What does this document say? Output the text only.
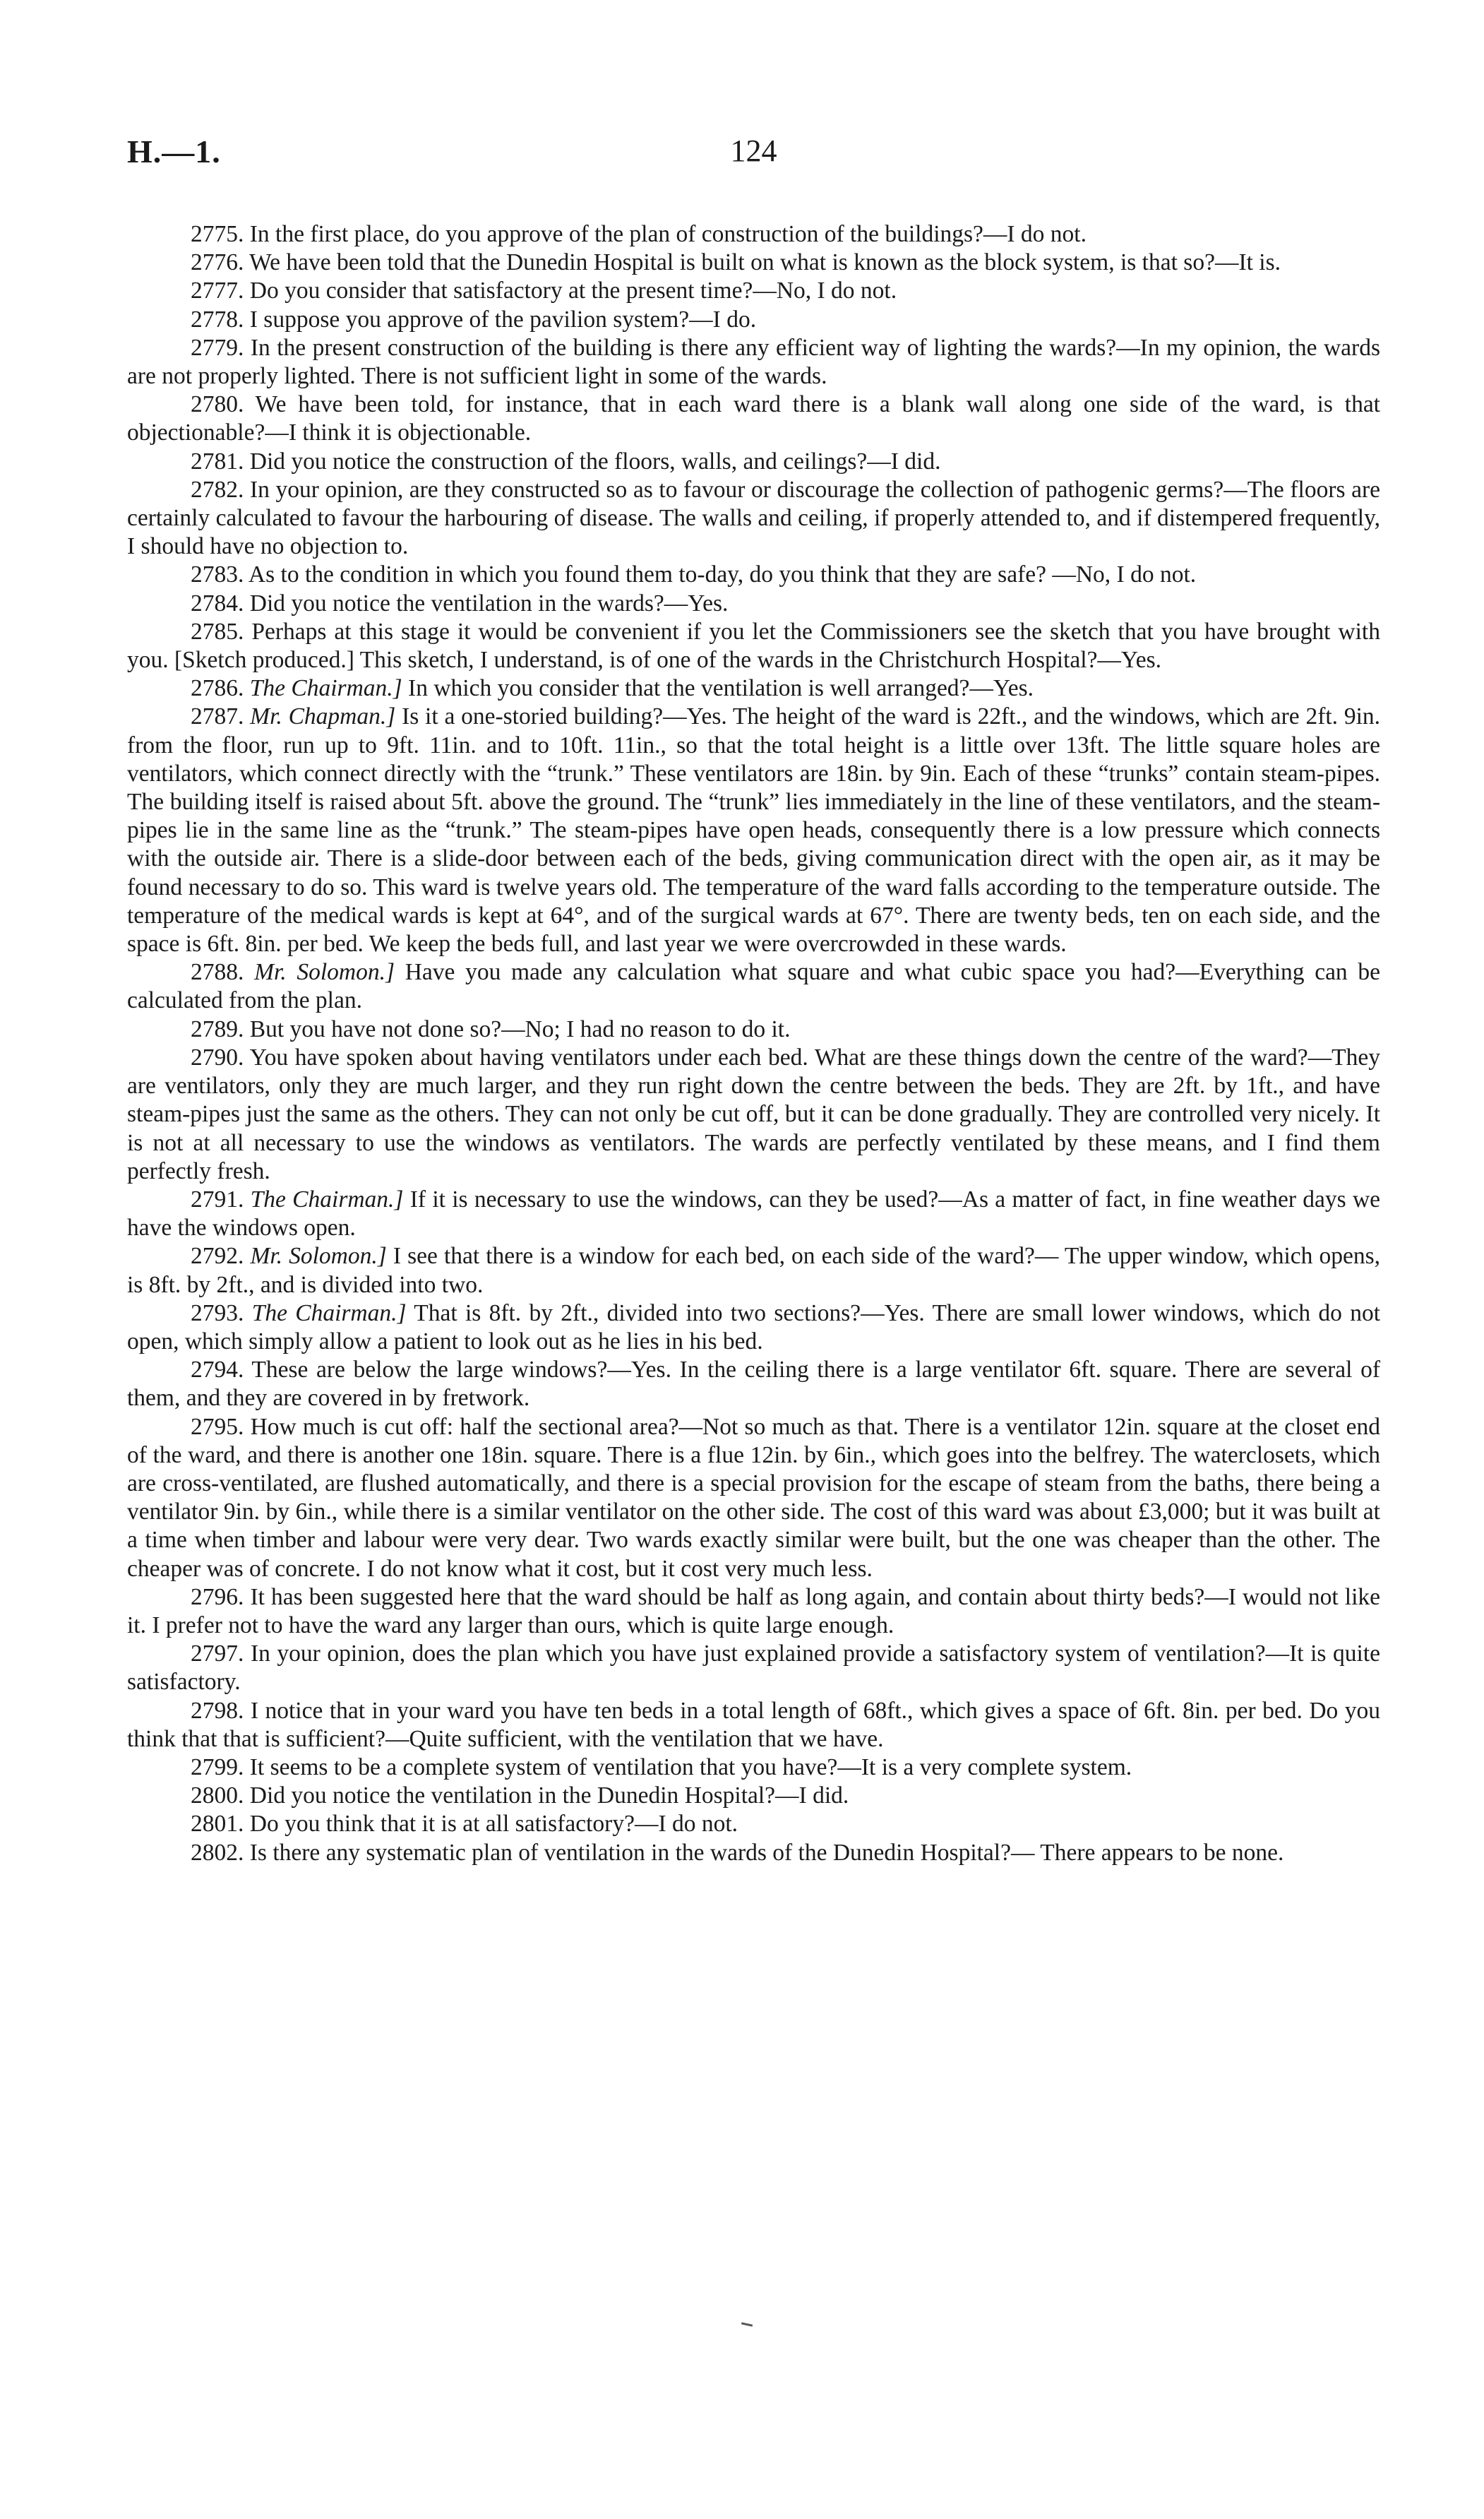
H.—1.	124

2775. In the first place, do you approve of the plan of construction of the buildings?—I do not.

2776. We have been told that the Dunedin Hospital is built on what is known as the block system, is that so?—It is.

2777. Do you consider that satisfactory at the present time?—No, I do not.

2778. I suppose you approve of the pavilion system?—I do.

2779. In the present construction of the building is there any efficient way of lighting the wards?—In my opinion, the wards are not properly lighted. There is not sufficient light in some of the wards.

2780. We have been told, for instance, that in each ward there is a blank wall along one side of the ward, is that objectionable?—I think it is objectionable.

2781. Did you notice the construction of the floors, walls, and ceilings?—I did.

2782. In your opinion, are they constructed so as to favour or discourage the collection of pathogenic germs?—The floors are certainly calculated to favour the harbouring of disease. The walls and ceiling, if properly attended to, and if distempered frequently, I should have no objection to.

2783. As to the condition in which you found them to-day, do you think that they are safe? —No, I do not.

2784. Did you notice the ventilation in the wards?—Yes.

2785. Perhaps at this stage it would be convenient if you let the Commissioners see the sketch that you have brought with you. [Sketch produced.] This sketch, I understand, is of one of the wards in the Christchurch Hospital?—Yes.

2786. The Chairman.] In which you consider that the ventilation is well arranged?—Yes.

2787. Mr. Chapman.] Is it a one-storied building?—Yes. The height of the ward is 22ft., and the windows, which are 2ft. 9in. from the floor, run up to 9ft. 11in. and to 10ft. 11in., so that the total height is a little over 13ft. The little square holes are ventilators, which connect directly with the “trunk.” These ventilators are 18in. by 9in. Each of these “trunks” contain steam-pipes. The building itself is raised about 5ft. above the ground. The “trunk” lies immediately in the line of these ventilators, and the steam-pipes lie in the same line as the “trunk.” The steam-pipes have open heads, consequently there is a low pressure which connects with the outside air. There is a slide-door between each of the beds, giving communication direct with the open air, as it may be found necessary to do so. This ward is twelve years old. The temperature of the ward falls according to the temperature outside. The temperature of the medical wards is kept at 64°, and of the surgical wards at 67°. There are twenty beds, ten on each side, and the space is 6ft. 8in. per bed. We keep the beds full, and last year we were overcrowded in these wards.

2788. Mr. Solomon.] Have you made any calculation what square and what cubic space you had?—Everything can be calculated from the plan.

2789. But you have not done so?—No; I had no reason to do it.

2790. You have spoken about having ventilators under each bed. What are these things down the centre of the ward?—They are ventilators, only they are much larger, and they run right down the centre between the beds. They are 2ft. by 1ft., and have steam-pipes just the same as the others. They can not only be cut off, but it can be done gradually. They are controlled very nicely. It is not at all necessary to use the windows as ventilators. The wards are perfectly ventilated by these means, and I find them perfectly fresh.

2791. The Chairman.] If it is necessary to use the windows, can they be used?—As a matter of fact, in fine weather days we have the windows open.

2792. Mr. Solomon.] I see that there is a window for each bed, on each side of the ward?— The upper window, which opens, is 8ft. by 2ft., and is divided into two.

2793. The Chairman.] That is 8ft. by 2ft., divided into two sections?—Yes. There are small lower windows, which do not open, which simply allow a patient to look out as he lies in his bed.

2794. These are below the large windows?—Yes. In the ceiling there is a large ventilator 6ft. square. There are several of them, and they are covered in by fretwork.

2795. How much is cut off: half the sectional area?—Not so much as that. There is a ventilator 12in. square at the closet end of the ward, and there is another one 18in. square. There is a flue 12in. by 6in., which goes into the belfrey. The waterclosets, which are cross-ventilated, are flushed automatically, and there is a special provision for the escape of steam from the baths, there being a ventilator 9in. by 6in., while there is a similar ventilator on the other side. The cost of this ward was about £3,000; but it was built at a time when timber and labour were very dear. Two wards exactly similar were built, but the one was cheaper than the other. The cheaper was of concrete. I do not know what it cost, but it cost very much less.

2796. It has been suggested here that the ward should be half as long again, and contain about thirty beds?—I would not like it. I prefer not to have the ward any larger than ours, which is quite large enough.

2797. In your opinion, does the plan which you have just explained provide a satisfactory system of ventilation?—It is quite satisfactory.

2798. I notice that in your ward you have ten beds in a total length of 68ft., which gives a space of 6ft. 8in. per bed. Do you think that that is sufficient?—Quite sufficient, with the ventilation that we have.

2799. It seems to be a complete system of ventilation that you have?—It is a very complete system.

2800. Did you notice the ventilation in the Dunedin Hospital?—I did.

2801. Do you think that it is at all satisfactory?—I do not.

2802. Is there any systematic plan of ventilation in the wards of the Dunedin Hospital?— There appears to be none.
